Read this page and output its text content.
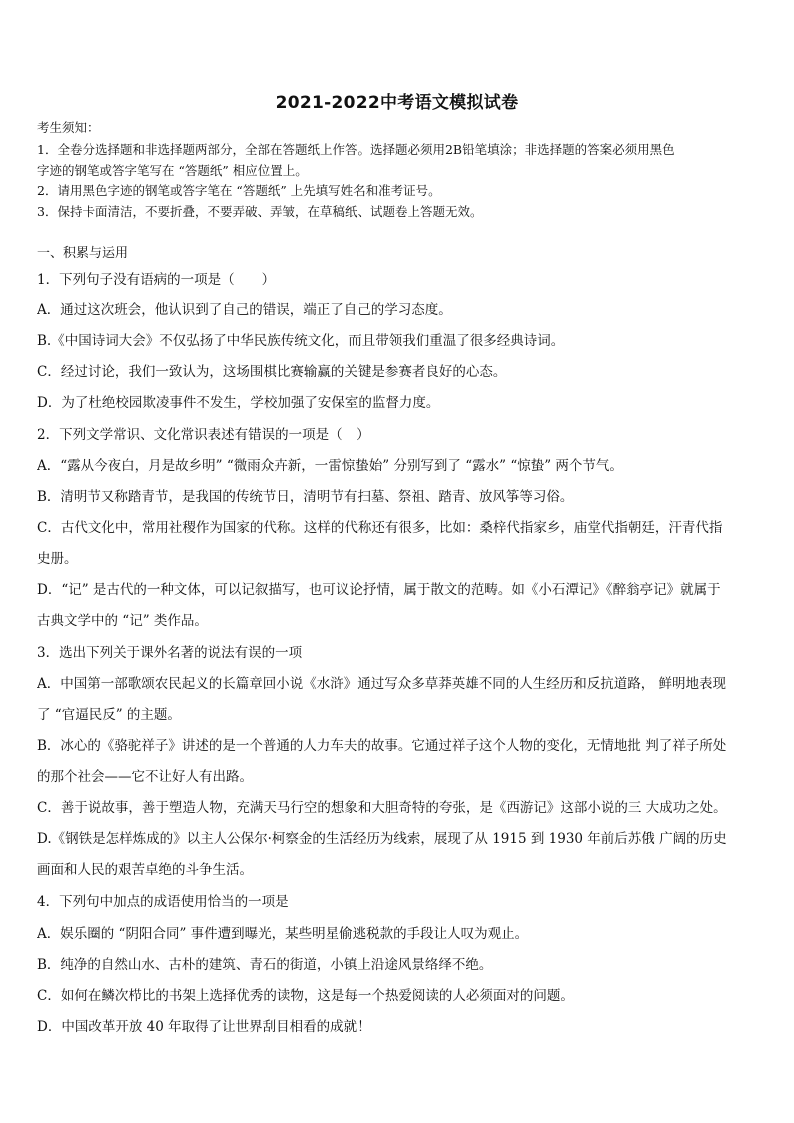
2021-2022中考语文模拟试卷
考生须知：
1．全卷分选择题和非选择题两部分，全部在答题纸上作答。选择题必须用2B铅笔填涂；非选择题的答案必须用黑色
字迹的钢笔或答字笔写在 “答题纸” 相应位置上。
2．请用黑色字迹的钢笔或答字笔在 “答题纸” 上先填写姓名和准考证号。
3．保持卡面清洁，不要折叠，不要弄破、弄皱，在草稿纸、试题卷上答题无效。
一、积累与运用
1．下列句子没有语病的一项是（　　）
A．通过这次班会，他认识到了自己的错误，端正了自己的学习态度。
B.《中国诗词大会》不仅弘扬了中华民族传统文化，而且带领我们重温了很多经典诗词。
C．经过讨论，我们一致认为，这场围棋比赛输赢的关键是参赛者良好的心态。
D．为了杜绝校园欺凌事件不发生，学校加强了安保室的监督力度。
2．下列文学常识、文化常识表述有错误的一项是（　）
A．“露从今夜白，月是故乡明” “微雨众卉新，一雷惊蛰始” 分别写到了 “露水” “惊蛰” 两个节气。
B．清明节又称踏青节，是我国的传统节日，清明节有扫墓、祭祖、踏青、放风筝等习俗。
C．古代文化中，常用社稷作为国家的代称。这样的代称还有很多，比如：桑梓代指家乡，庙堂代指朝廷，汗青代指
史册。
D．“记” 是古代的一种文体，可以记叙描写，也可议论抒情，属于散文的范畴。如《小石潭记》《醉翁亭记》就属于
古典文学中的 “记” 类作品。
3．选出下列关于课外名著的说法有误的一项
A．中国第一部歌颂农民起义的长篇章回小说《水浒》通过写众多草莽英雄不同的人生经历和反抗道路， 鲜明地表现
了 “官逼民反” 的主题。
B．冰心的《骆驼祥子》讲述的是一个普通的人力车夫的故事。它通过祥子这个人物的变化，无情地批 判了祥子所处
的那个社会——它不让好人有出路。
C．善于说故事，善于塑造人物，充满天马行空的想象和大胆奇特的夸张，是《西游记》这部小说的三 大成功之处。
D.《钢铁是怎样炼成的》以主人公保尔·柯察金的生活经历为线索，展现了从 1915 到 1930 年前后苏俄 广阔的历史
画面和人民的艰苦卓绝的斗争生活。
4．下列句中加点的成语使用恰当的一项是
A．娱乐圈的 “阴阳合同” 事件遭到曝光，某些明星偷逃税款的手段让人叹为观止。
B．纯净的自然山水、古朴的建筑、青石的街道，小镇上沿途风景络绎不绝。
C．如何在鳞次栉比的书架上选择优秀的读物，这是每一个热爱阅读的人必须面对的问题。
D．中国改革开放 40 年取得了让世界刮目相看的成就！
